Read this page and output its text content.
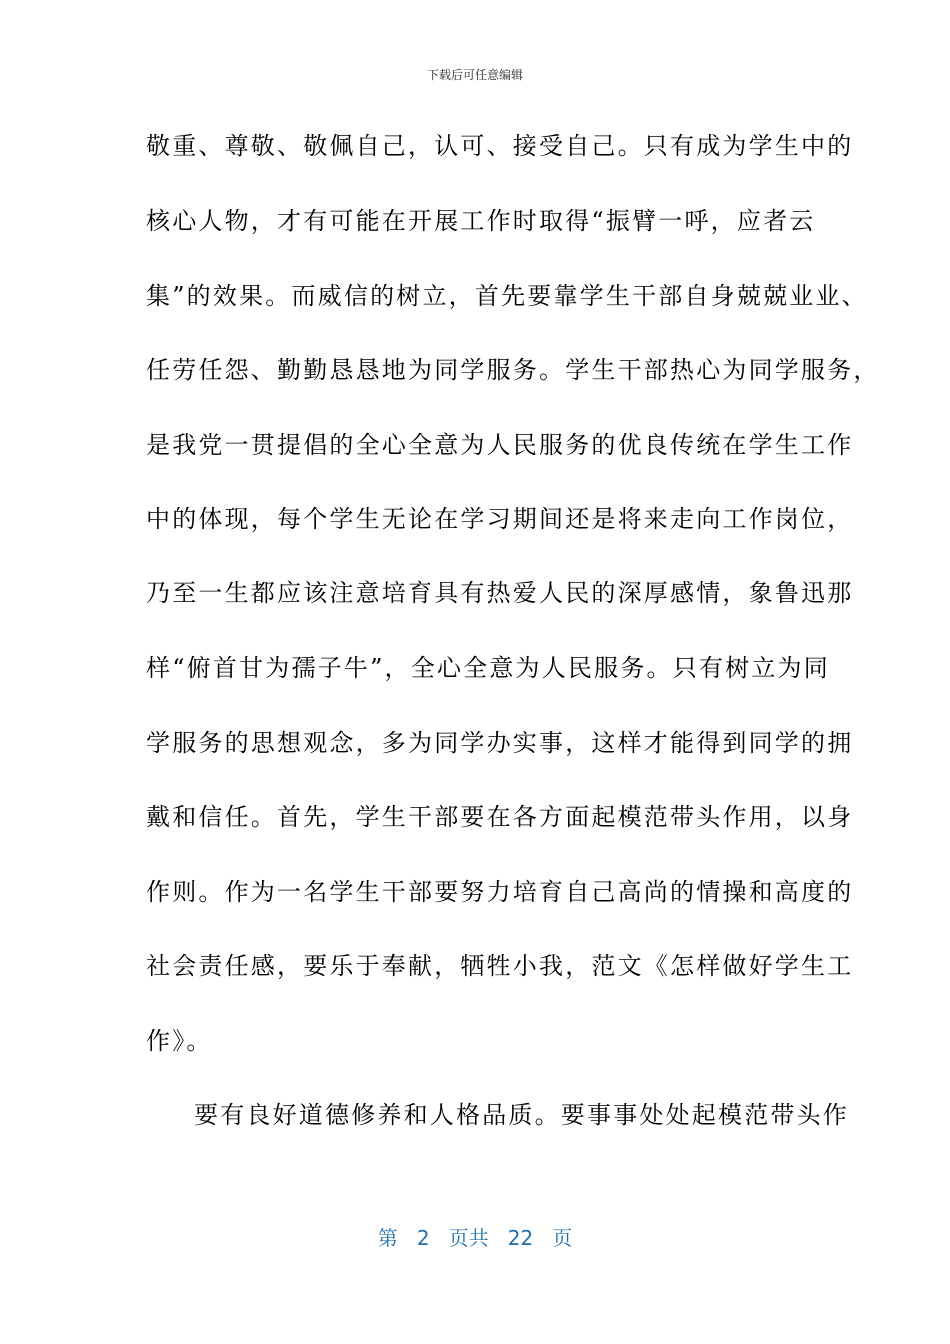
下载后可任意编辑
敬重、尊敬、敬佩自己，认可、接受自己。只有成为学生中的
核心人物，才有可能在开展工作时取得“振臂一呼，应者云
集”的效果。而威信的树立，首先要靠学生干部自身兢兢业业、
任劳任怨、勤勤恳恳地为同学服务。学生干部热心为同学服务，
是我党一贯提倡的全心全意为人民服务的优良传统在学生工作
中的体现，每个学生无论在学习期间还是将来走向工作岗位，
乃至一生都应该注意培育具有热爱人民的深厚感情，象鲁迅那
样“俯首甘为孺子牛”，全心全意为人民服务。只有树立为同
学服务的思想观念，多为同学办实事，这样才能得到同学的拥
戴和信任。首先，学生干部要在各方面起模范带头作用，以身
作则。作为一名学生干部要努力培育自己高尚的情操和高度的
社会责任感，要乐于奉献，牺牲小我，范文《怎样做好学生工
作》。
要有良好道德修养和人格品质。要事事处处起模范带头作
第 2 页共 22 页
